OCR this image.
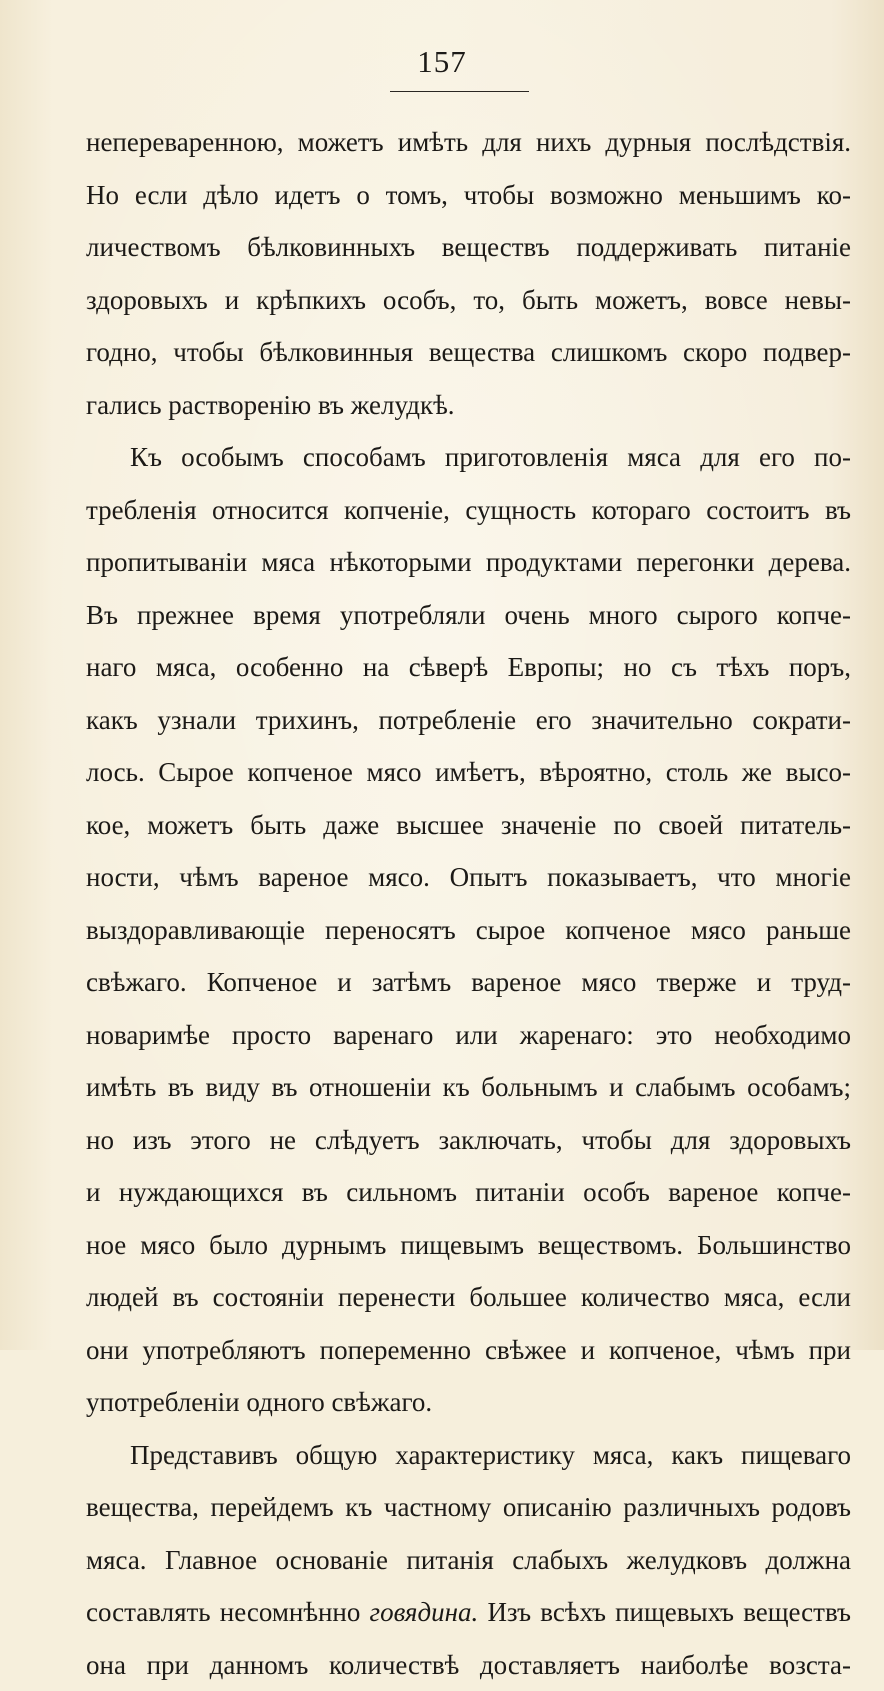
157
непереваренною, можетъ имѣть для нихъ дурныя послѣдствія.
Но если дѣло идетъ о томъ, чтобы возможно меньшимъ ко-
личествомъ бѣлковинныхъ веществъ поддерживать питаніе
здоровыхъ и крѣпкихъ особъ, то, быть можетъ, вовсе невы-
годно, чтобы бѣлковинныя вещества слишкомъ скоро подвер-
гались растворенію въ желудкѣ.
Къ особымъ способамъ приготовленія мяса для его по-
требленія относится копченіе, сущность котораго состоитъ въ
пропитываніи мяса нѣкоторыми продуктами перегонки дерева.
Въ прежнее время употребляли очень много сырого копче-
наго мяса, особенно на сѣверѣ Европы; но съ тѣхъ поръ,
какъ узнали трихинъ, потребленіе его значительно сократи-
лось. Сырое копченое мясо имѣетъ, вѣроятно, столь же высо-
кое, можетъ быть даже высшее значеніе по своей питатель-
ности, чѣмъ вареное мясо. Опытъ показываетъ, что многіе
выздоравливающіе переносятъ сырое копченое мясо раньше
свѣжаго. Копченое и затѣмъ вареное мясо тверже и труд-
новаримѣе просто варенаго или жаренаго: это необходимо
имѣть въ виду въ отношеніи къ больнымъ и слабымъ особамъ;
но изъ этого не слѣдуетъ заключать, чтобы для здоровыхъ
и нуждающихся въ сильномъ питаніи особъ вареное копче-
ное мясо было дурнымъ пищевымъ веществомъ. Большинство
людей въ состояніи перенести большее количество мяса, если
они употребляютъ попеременно свѣжее и копченое, чѣмъ при
употребленіи одного свѣжаго.
Представивъ общую характеристику мяса, какъ пищеваго
вещества, перейдемъ къ частному описанію различныхъ родовъ
мяса. Главное основаніе питанія слабыхъ желудковъ должна
составлять несомнѣнно говядина. Изъ всѣхъ пищевыхъ веществъ
она при данномъ количествѣ доставляетъ наиболѣе возста-
